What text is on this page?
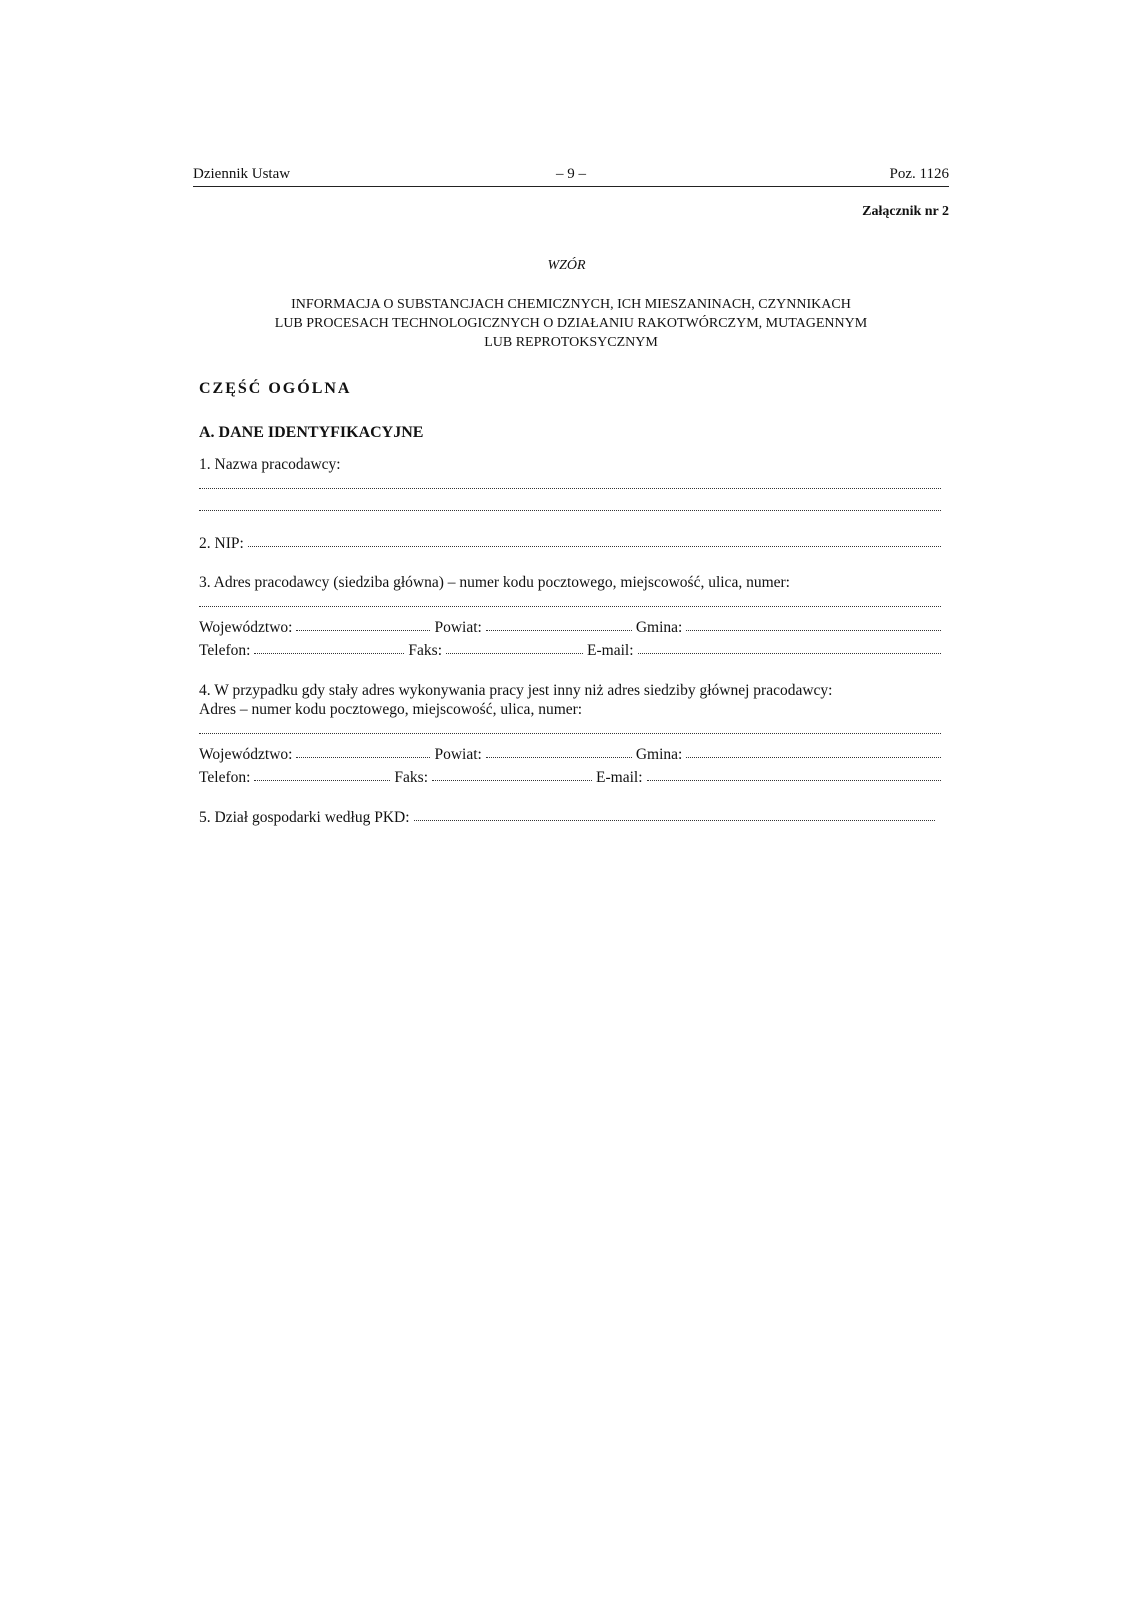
Dziennik Ustaw	– 9 –	Poz. 1126
Załącznik nr 2
WZÓR
INFORMACJA O SUBSTANCJACH CHEMICZNYCH, ICH MIESZANINACH, CZYNNIKACH
LUB PROCESACH TECHNOLOGICZNYCH O DZIAŁANIU RAKOTWÓRCZYM, MUTAGENNYM
LUB REPROTOKSYCZNYM
CZĘŚĆ OGÓLNA
A. DANE IDENTYFIKACYJNE
1. Nazwa pracodawcy:
2. NIP:
3. Adres pracodawcy (siedziba główna) – numer kodu pocztowego, miejscowość, ulica, numer:
Województwo:	Powiat:	Gmina:
Telefon:	Faks:	E-mail:
4. W przypadku gdy stały adres wykonywania pracy jest inny niż adres siedziby głównej pracodawcy:
Adres – numer kodu pocztowego, miejscowość, ulica, numer:
Województwo:	Powiat:	Gmina:
Telefon:	Faks:	E-mail:
5. Dział gospodarki według PKD:
